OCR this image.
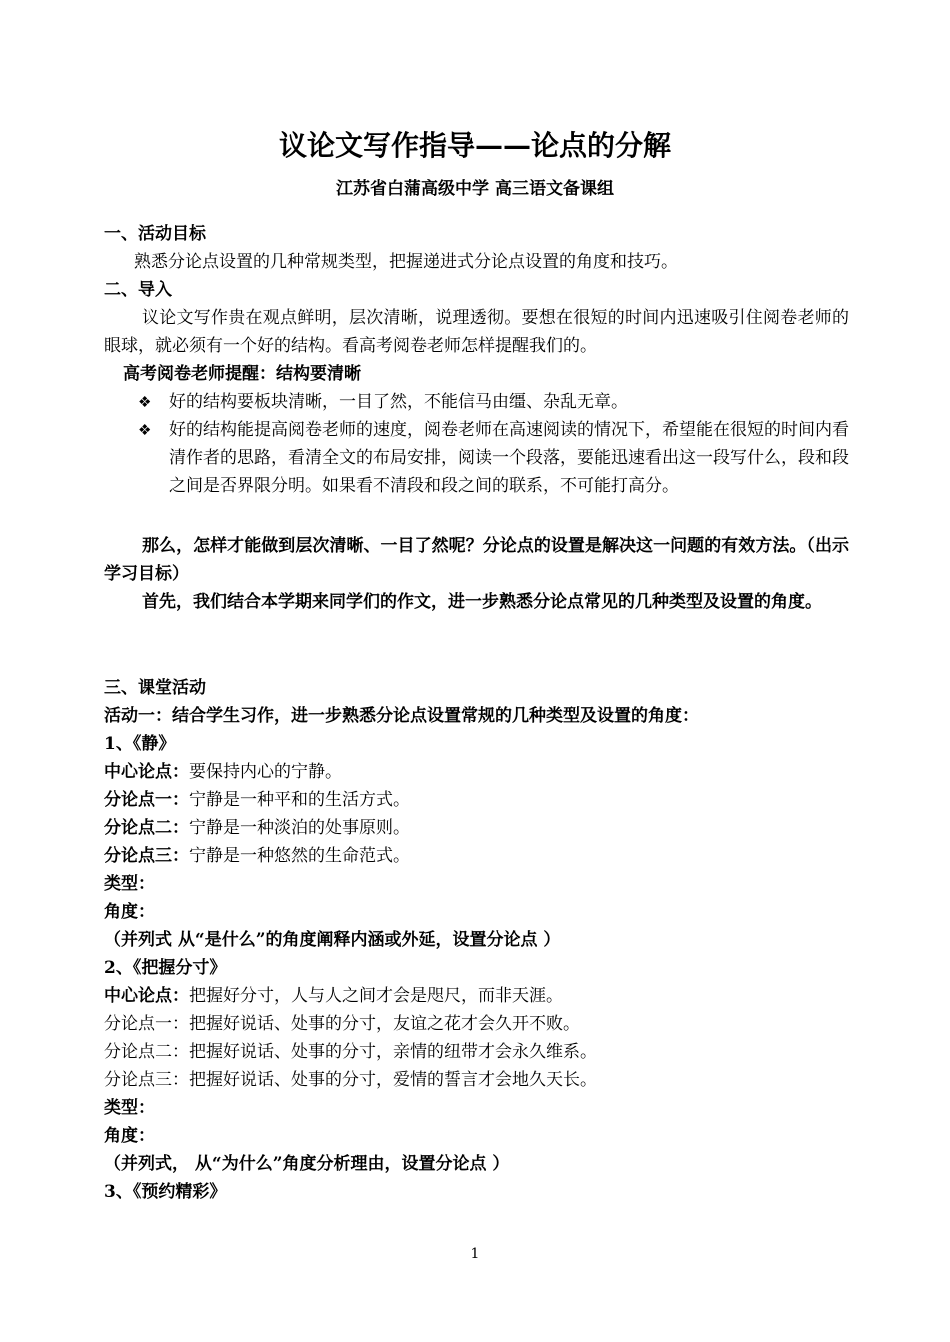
议论文写作指导——论点的分解
江苏省白蒲高级中学 高三语文备课组
一、活动目标
熟悉分论点设置的几种常规类型，把握递进式分论点设置的角度和技巧。
二、导入
议论文写作贵在观点鲜明，层次清晰，说理透彻。要想在很短的时间内迅速吸引住阅卷老师的眼球，就必须有一个好的结构。看高考阅卷老师怎样提醒我们的。
高考阅卷老师提醒：结构要清晰
❖ 好的结构要板块清晰，一目了然，不能信马由缰、杂乱无章。
❖ 好的结构能提高阅卷老师的速度，阅卷老师在高速阅读的情况下，希望能在很短的时间内看清作者的思路，看清全文的布局安排，阅读一个段落，要能迅速看出这一段写什么，段和段之间是否界限分明。如果看不清段和段之间的联系，不可能打高分。
那么，怎样才能做到层次清晰、一目了然呢？分论点的设置是解决这一问题的有效方法。（出示学习目标）
首先，我们结合本学期来同学们的作文，进一步熟悉分论点常见的几种类型及设置的角度。
三、课堂活动
活动一：结合学生习作，进一步熟悉分论点设置常规的几种类型及设置的角度：
1、《静》
中心论点：要保持内心的宁静。
分论点一：宁静是一种平和的生活方式。
分论点二：宁静是一种淡泊的处事原则。
分论点三：宁静是一种悠然的生命范式。
类型：
角度：
（并列式 从“是什么”的角度阐释内涵或外延，设置分论点 ）
2、《把握分寸》
中心论点：把握好分寸，人与人之间才会是咫尺，而非天涯。
分论点一：把握好说话、处事的分寸，友谊之花才会久开不败。
分论点二：把握好说话、处事的分寸，亲情的纽带才会永久维系。
分论点三：把握好说话、处事的分寸，爱情的誓言才会地久天长。
类型：
角度：
（并列式， 从“为什么”角度分析理由，设置分论点 ）
3、《预约精彩》
1
